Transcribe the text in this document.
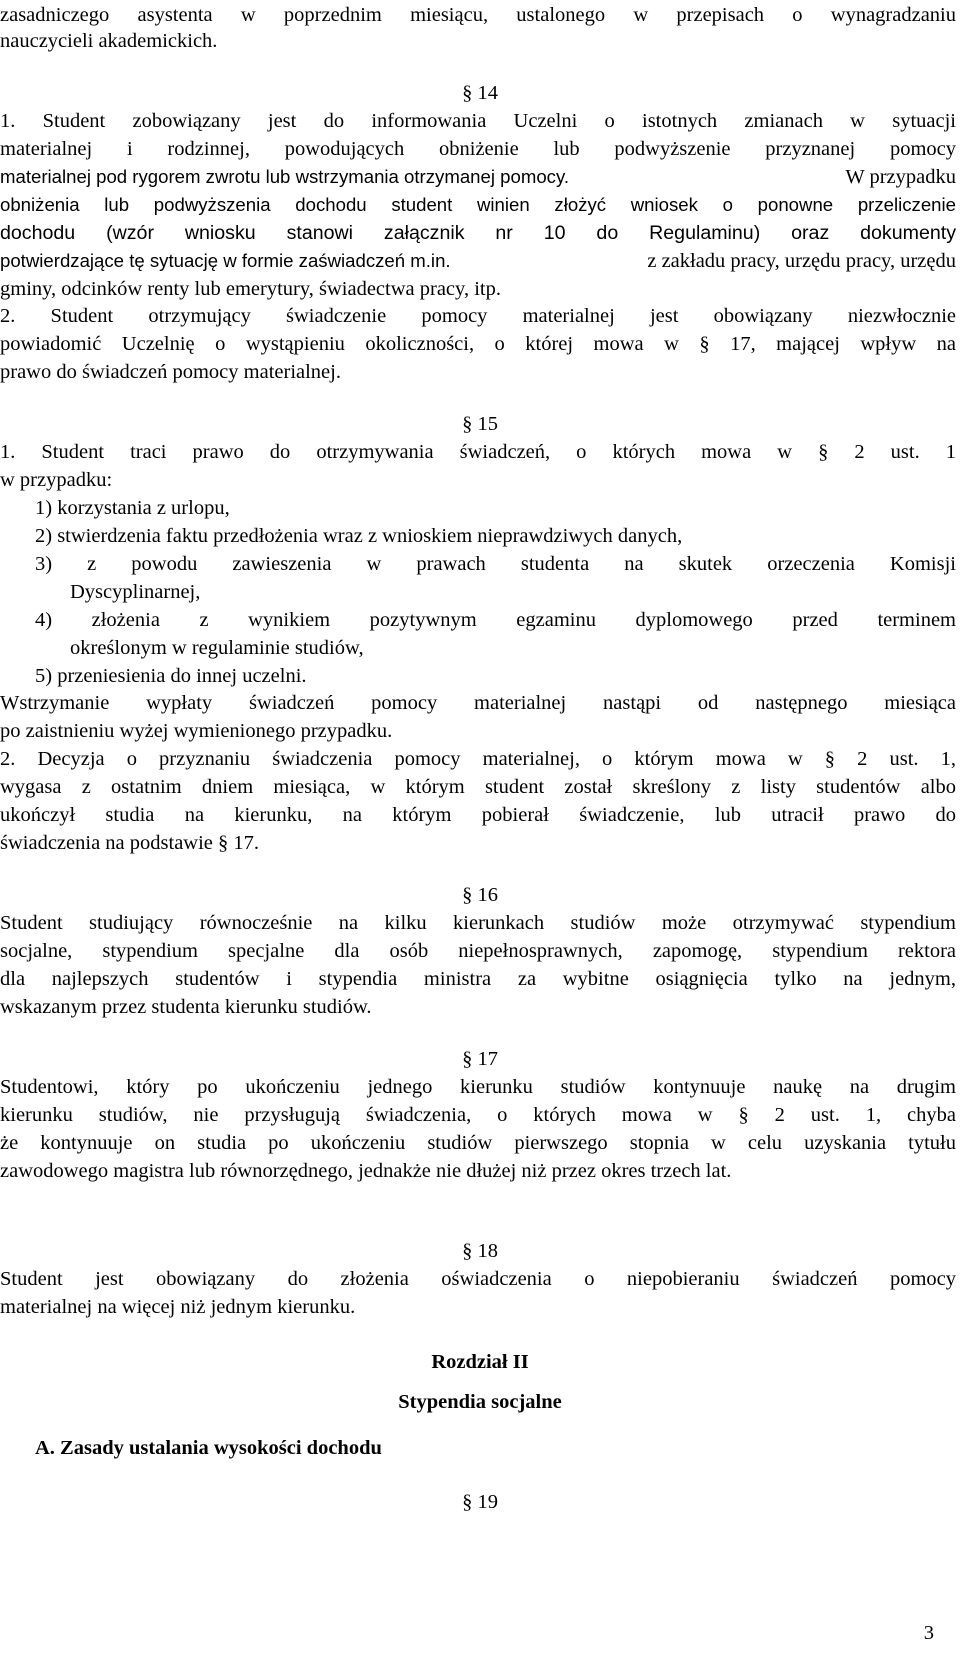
zasadniczego asystenta w poprzednim miesiącu, ustalonego w przepisach o wynagradzaniu
nauczycieli akademickich.
§ 14
1. Student zobowiązany jest do informowania Uczelni o istotnych zmianach w sytuacji
materialnej i rodzinnej, powodujących obniżenie lub podwyższenie przyznanej pomocy
materialnej pod rygorem zwrotu lub wstrzymania otrzymanej pomocy.	W przypadku
obniżenia lub podwyższenia dochodu student winien złożyć wniosek o ponowne przeliczenie
dochodu (wzór wniosku stanowi załącznik nr 10 do Regulaminu) oraz dokumenty
potwierdzające tę sytuację w formie zaświadczeń m.in.	z zakładu pracy, urzędu pracy, urzędu
gminy, odcinków renty lub emerytury, świadectwa pracy, itp.
2. Student otrzymujący świadczenie pomocy materialnej jest obowiązany niezwłocznie
powiadomić Uczelnię o wystąpieniu okoliczności, o której mowa w § 17, mającej wpływ na
prawo do świadczeń pomocy materialnej.
§ 15
1. Student traci prawo do otrzymywania świadczeń, o których mowa w § 2 ust. 1
w przypadku:
1) korzystania z urlopu,
2) stwierdzenia faktu przedłożenia wraz z wnioskiem nieprawdziwych danych,
3) z powodu zawieszenia w prawach studenta na skutek orzeczenia Komisji
Dyscyplinarnej,
4) złożenia z wynikiem pozytywnym egzaminu dyplomowego przed terminem
określonym w regulaminie studiów,
5) przeniesienia do innej uczelni.
Wstrzymanie wypłaty świadczeń pomocy materialnej nastąpi od następnego miesiąca
po zaistnieniu wyżej wymienionego przypadku.
2. Decyzja o przyznaniu świadczenia pomocy materialnej, o którym mowa w § 2 ust. 1,
wygasa z ostatnim dniem miesiąca, w którym student został skreślony z listy studentów albo
ukończył studia na kierunku, na którym pobierał świadczenie, lub utracił prawo do
świadczenia na podstawie § 17.
§ 16
Student studiujący równocześnie na kilku kierunkach studiów może otrzymywać stypendium
socjalne, stypendium specjalne dla osób niepełnosprawnych, zapomogę, stypendium rektora
dla najlepszych studentów i stypendia ministra za wybitne osiągnięcia tylko na jednym,
wskazanym przez studenta kierunku studiów.
§ 17
Studentowi, który po ukończeniu jednego kierunku studiów kontynuuje naukę na drugim
kierunku studiów, nie przysługują świadczenia, o których mowa w § 2 ust. 1, chyba
że kontynuuje on studia po ukończeniu studiów pierwszego stopnia w celu uzyskania tytułu
zawodowego magistra lub równorzędnego, jednakże nie dłużej niż przez okres trzech lat.
§ 18
Student jest obowiązany do złożenia oświadczenia o niepobieraniu świadczeń pomocy
materialnej na więcej niż jednym kierunku.
Rozdział II
Stypendia socjalne
A. Zasady ustalania wysokości dochodu
§ 19
3
